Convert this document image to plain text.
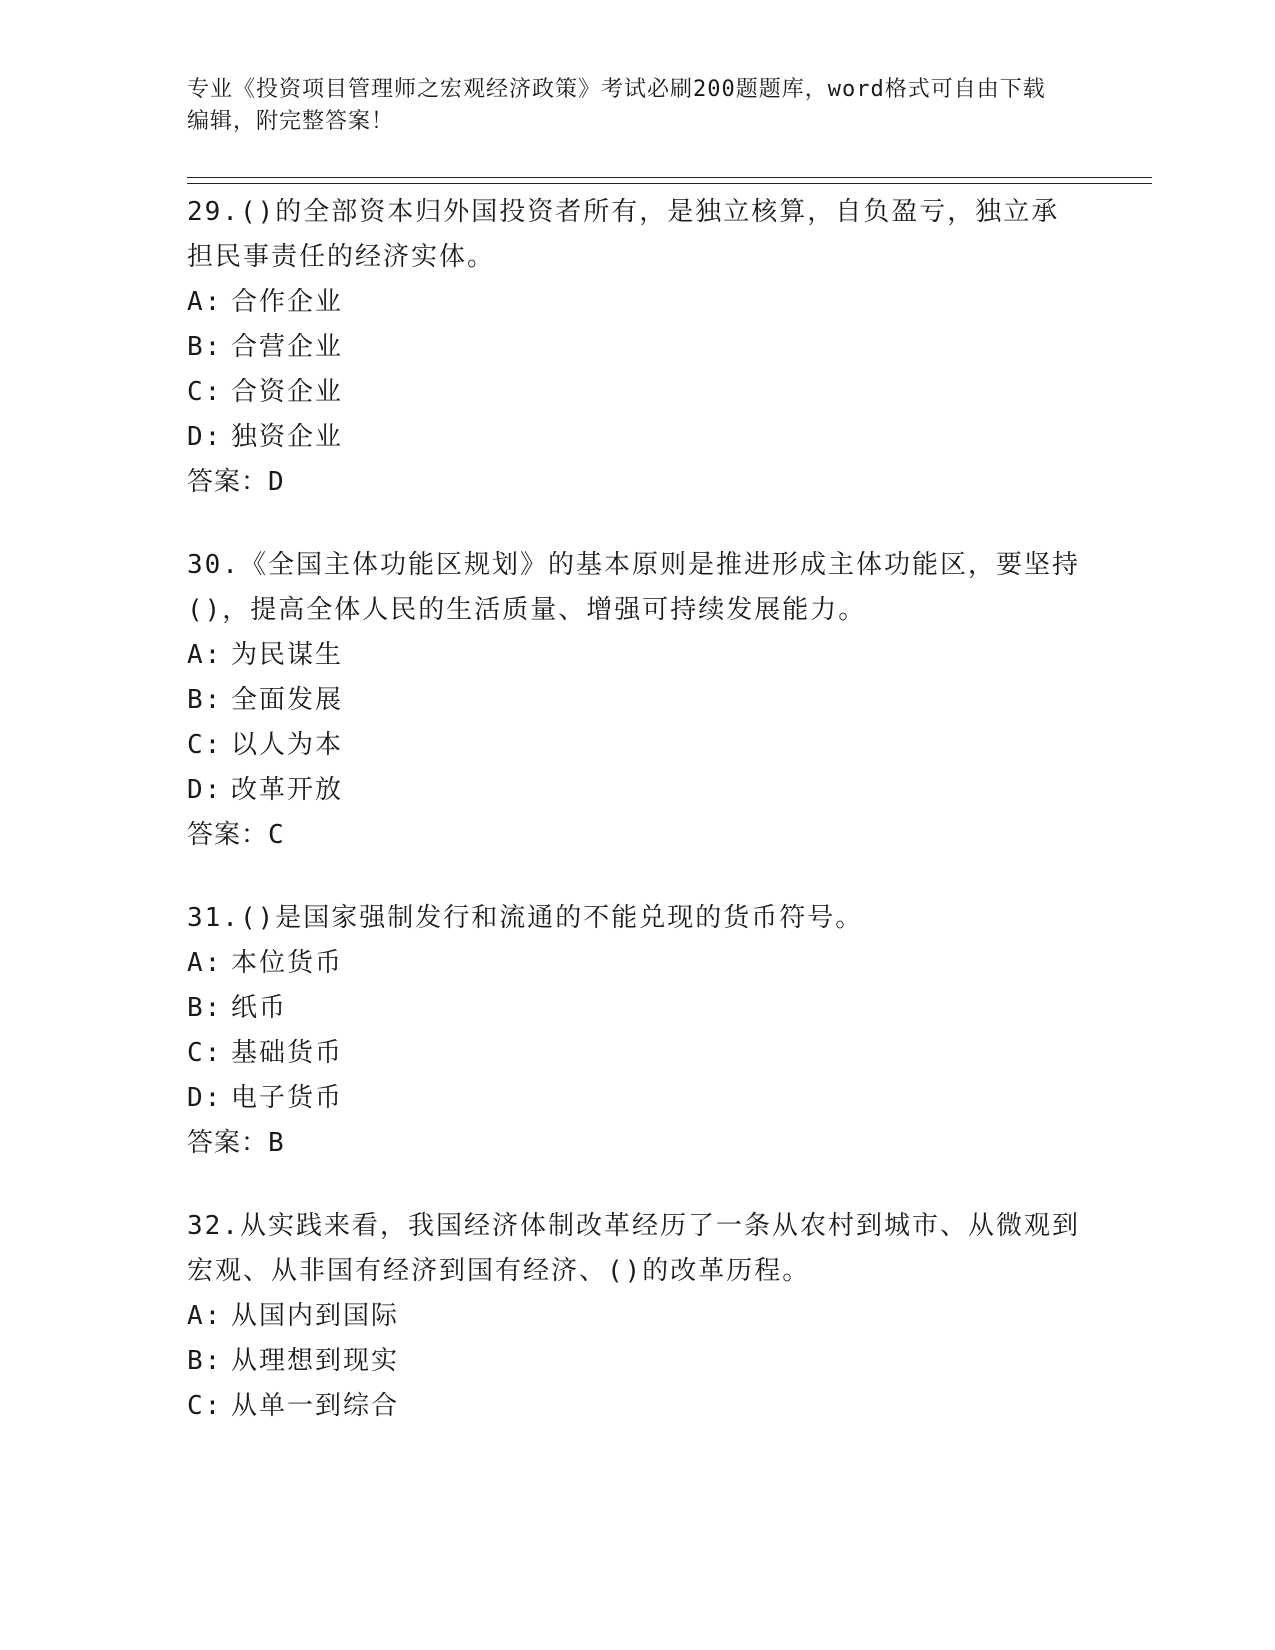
专业《投资项目管理师之宏观经济政策》考试必刷200题题库，word格式可自由下载编辑，附完整答案！
29.()的全部资本归外国投资者所有，是独立核算，自负盈亏，独立承担民事责任的经济实体。
A: 合作企业
B: 合营企业
C: 合资企业
D: 独资企业
答案：D
30.《全国主体功能区规划》的基本原则是推进形成主体功能区，要坚持()，提高全体人民的生活质量、增强可持续发展能力。
A: 为民谋生
B: 全面发展
C: 以人为本
D: 改革开放
答案：C
31.()是国家强制发行和流通的不能兑现的货币符号。
A: 本位货币
B: 纸币
C: 基础货币
D: 电子货币
答案：B
32.从实践来看，我国经济体制改革经历了一条从农村到城市、从微观到宏观、从非国有经济到国有经济、()的改革历程。
A: 从国内到国际
B: 从理想到现实
C: 从单一到综合
